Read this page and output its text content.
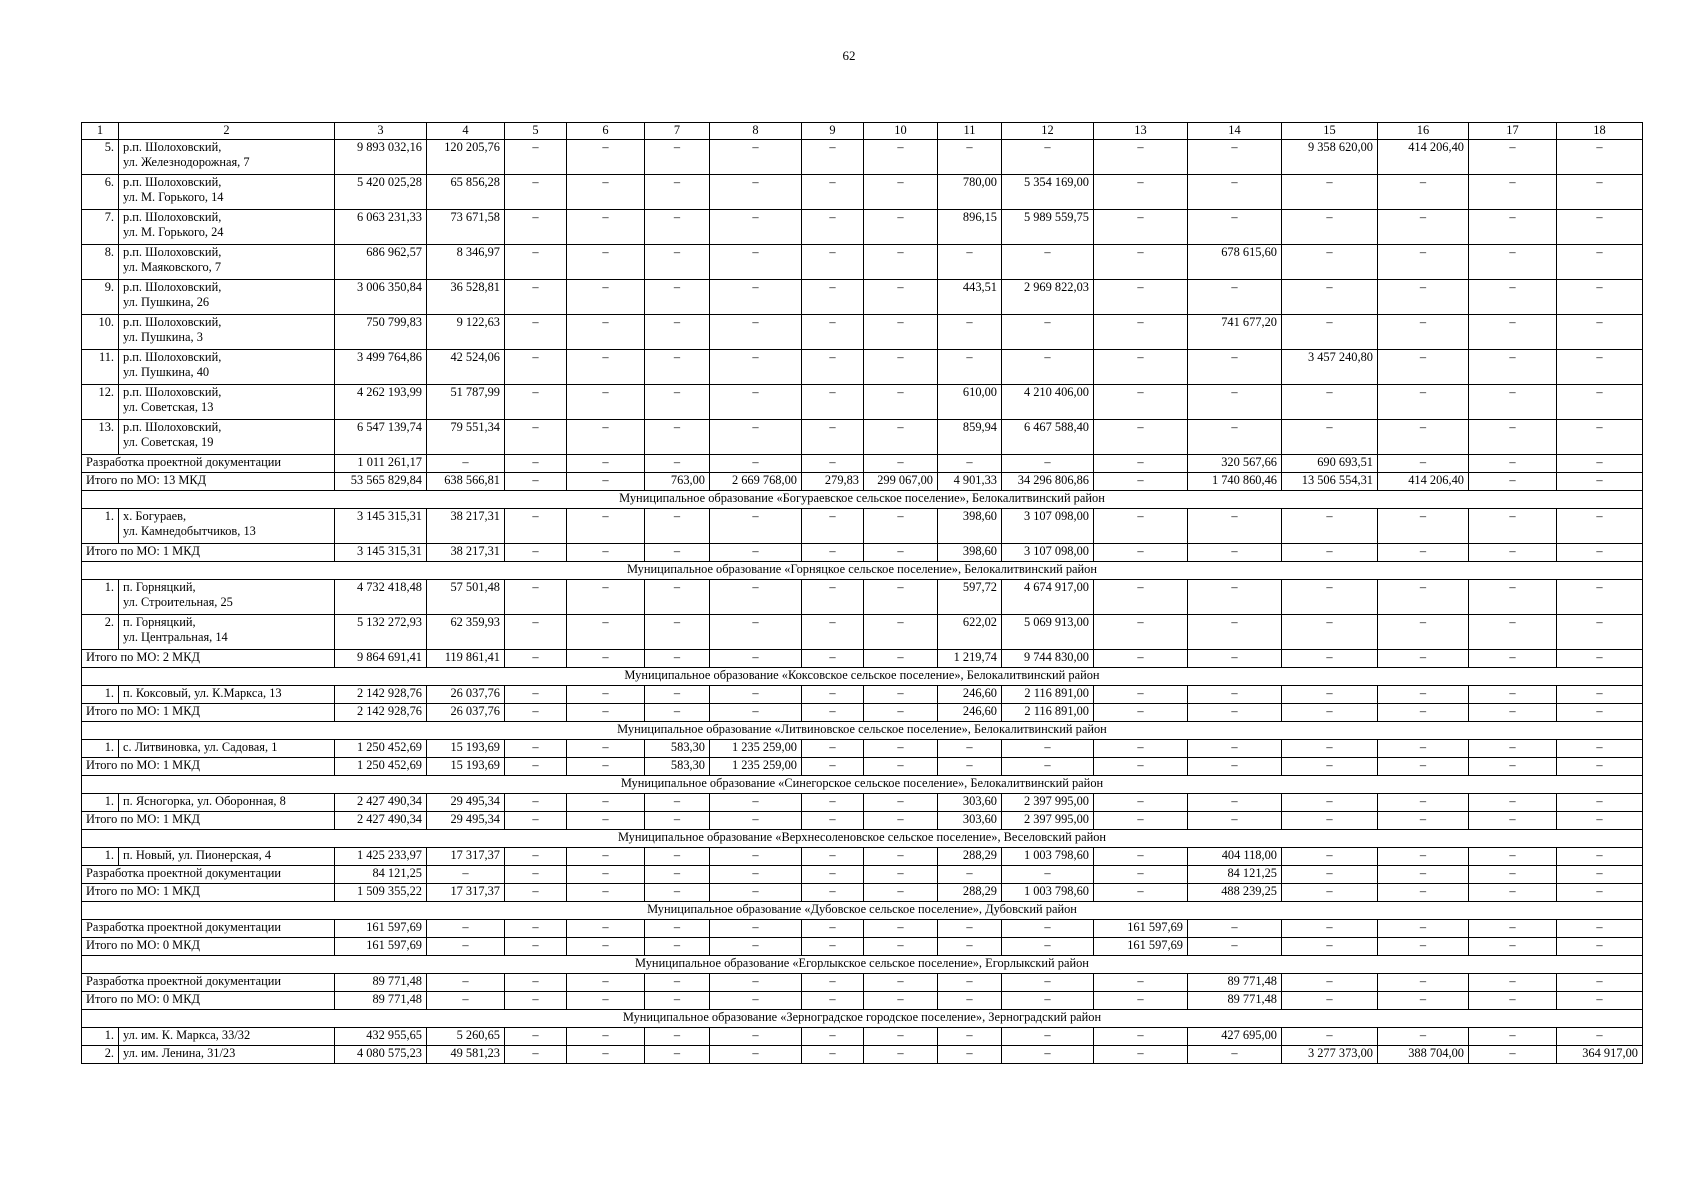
62
1	2	3	4	5	6	7	8	9	10	11	12	13	14	15	16	17	18
5.	р.п. Шолоховский,
ул. Железнодорожная, 7	9 893 032,16	120 205,76	–	–	–	–	–	–	–	–	–	–	9 358 620,00	414 206,40	–	–
6.	р.п. Шолоховский,
ул. М. Горького, 14	5 420 025,28	65 856,28	–	–	–	–	–	–	780,00	5 354 169,00	–	–	–	–	–	–
7.	р.п. Шолоховский,
ул. М. Горького, 24	6 063 231,33	73 671,58	–	–	–	–	–	–	896,15	5 989 559,75	–	–	–	–	–	–
8.	р.п. Шолоховский,
ул. Маяковского, 7	686 962,57	8 346,97	–	–	–	–	–	–	–	–	–	678 615,60	–	–	–	–
9.	р.п. Шолоховский,
ул. Пушкина, 26	3 006 350,84	36 528,81	–	–	–	–	–	–	443,51	2 969 822,03	–	–	–	–	–	–
10.	р.п. Шолоховский,
ул. Пушкина, 3	750 799,83	9 122,63	–	–	–	–	–	–	–	–	–	741 677,20	–	–	–	–
11.	р.п. Шолоховский,
ул. Пушкина, 40	3 499 764,86	42 524,06	–	–	–	–	–	–	–	–	–	–	3 457 240,80	–	–	–
12.	р.п. Шолоховский,
ул. Советская, 13	4 262 193,99	51 787,99	–	–	–	–	–	–	610,00	4 210 406,00	–	–	–	–	–	–
13.	р.п. Шолоховский,
ул. Советская, 19	6 547 139,74	79 551,34	–	–	–	–	–	–	859,94	6 467 588,40	–	–	–	–	–	–
Разработка проектной документации		1 011 261,17	–	–	–	–	–	–	–	–	–	–	320 567,66	690 693,51	–	–	–
Итого по МО: 13 МКД		53 565 829,84	638 566,81	–	–	763,00	2 669 768,00	279,83	299 067,00	4 901,33	34 296 806,86	–	1 740 860,46	13 506 554,31	414 206,40	–	–
Муниципальное образование «Богураевское сельское поселение», Белокалитвинский район																	
1.	х. Богураев,
ул. Камнедобытчиков, 13	3 145 315,31	38 217,31	–	–	–	–	–	–	398,60	3 107 098,00	–	–	–	–	–	–
Итого по МО: 1 МКД		3 145 315,31	38 217,31	–	–	–	–	–	–	398,60	3 107 098,00	–	–	–	–	–	–
Муниципальное образование «Горняцкое сельское поселение», Белокалитвинский район																	
1.	п. Горняцкий,
ул. Строительная, 25	4 732 418,48	57 501,48	–	–	–	–	–	–	597,72	4 674 917,00	–	–	–	–	–	–
2.	п. Горняцкий,
ул. Центральная, 14	5 132 272,93	62 359,93	–	–	–	–	–	–	622,02	5 069 913,00	–	–	–	–	–	–
Итого по МО: 2 МКД		9 864 691,41	119 861,41	–	–	–	–	–	–	1 219,74	9 744 830,00	–	–	–	–	–	–
Муниципальное образование «Коксовское сельское поселение», Белокалитвинский район																	
1.	п. Коксовый, ул. К.Маркса, 13	2 142 928,76	26 037,76	–	–	–	–	–	–	246,60	2 116 891,00	–	–	–	–	–	–
Итого по МО: 1 МКД		2 142 928,76	26 037,76	–	–	–	–	–	–	246,60	2 116 891,00	–	–	–	–	–	–
Муниципальное образование «Литвиновское сельское поселение», Белокалитвинский район																	
1.	с. Литвиновка, ул. Садовая, 1	1 250 452,69	15 193,69	–	–	583,30	1 235 259,00	–	–	–	–	–	–	–	–	–	–
Итого по МО: 1 МКД		1 250 452,69	15 193,69	–	–	583,30	1 235 259,00	–	–	–	–	–	–	–	–	–	–
Муниципальное образование «Синегорское сельское поселение», Белокалитвинский район																	
1.	п. Ясногорка, ул. Оборонная, 8	2 427 490,34	29 495,34	–	–	–	–	–	–	303,60	2 397 995,00	–	–	–	–	–	–
Итого по МО: 1 МКД		2 427 490,34	29 495,34	–	–	–	–	–	–	303,60	2 397 995,00	–	–	–	–	–	–
Муниципальное образование «Верхнесоленовское сельское поселение», Веселовский район																	
1.	п. Новый, ул. Пионерская, 4	1 425 233,97	17 317,37	–	–	–	–	–	–	288,29	1 003 798,60	–	404 118,00	–	–	–	–
Разработка проектной документации		84 121,25	–	–	–	–	–	–	–	–	–	–	84 121,25	–	–	–	–
Итого по МО: 1 МКД		1 509 355,22	17 317,37	–	–	–	–	–	–	288,29	1 003 798,60	–	488 239,25	–	–	–	–
Муниципальное образование «Дубовское сельское поселение», Дубовский район																	
Разработка проектной документации		161 597,69	–	–	–	–	–	–	–	–	–	161 597,69	–	–	–	–	–
Итого по МО: 0 МКД		161 597,69	–	–	–	–	–	–	–	–	–	161 597,69	–	–	–	–	–
Муниципальное образование «Егорлыкское сельское поселение», Егорлыкский район																	
Разработка проектной документации		89 771,48	–	–	–	–	–	–	–	–	–	–	89 771,48	–	–	–	–
Итого по МО: 0 МКД		89 771,48	–	–	–	–	–	–	–	–	–	–	89 771,48	–	–	–	–
Муниципальное образование «Зерноградское городское поселение», Зерноградский район																	
1.	ул. им. К. Маркса, 33/32	432 955,65	5 260,65	–	–	–	–	–	–	–	–	–	427 695,00	–	–	–	–
2.	ул. им. Ленина, 31/23	4 080 575,23	49 581,23	–	–	–	–	–	–	–	–	–	–	3 277 373,00	388 704,00	–	364 917,00
